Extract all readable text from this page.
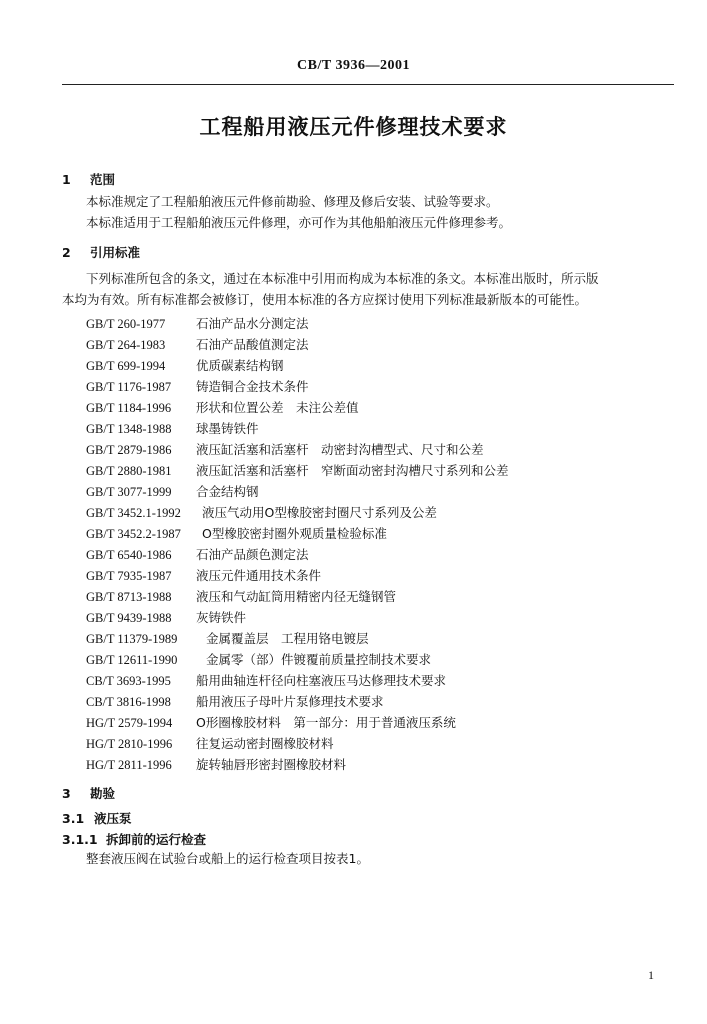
CB/T 3936—2001
工程船用液压元件修理技术要求
1 范围
本标准规定了工程船舶液压元件修前勘验、修理及修后安装、试验等要求。
本标准适用于工程船舶液压元件修理，亦可作为其他船舶液压元件修理参考。
2 引用标准
下列标准所包含的条文，通过在本标准中引用而构成为本标准的条文。本标准出版时，所示版
本均为有效。所有标准都会被修订，使用本标准的各方应探讨使用下列标准最新版本的可能性。
GB/T 260-1977 石油产品水分测定法
GB/T 264-1983 石油产品酸值测定法
GB/T 699-1994 优质碳素结构钢
GB/T 1176-1987 铸造铜合金技术条件
GB/T 1184-1996 形状和位置公差　未注公差值
GB/T 1348-1988 球墨铸铁件
GB/T 2879-1986 液压缸活塞和活塞杆　动密封沟槽型式、尺寸和公差
GB/T 2880-1981 液压缸活塞和活塞杆　窄断面动密封沟槽尺寸系列和公差
GB/T 3077-1999 合金结构钢
GB/T 3452.1-1992 液压气动用O型橡胶密封圈尺寸系列及公差
GB/T 3452.2-1987 O型橡胶密封圈外观质量检验标准
GB/T 6540-1986 石油产品颜色测定法
GB/T 7935-1987 液压元件通用技术条件
GB/T 8713-1988 液压和气动缸筒用精密内径无缝钢管
GB/T 9439-1988 灰铸铁件
GB/T 11379-1989 金属覆盖层　工程用铬电镀层
GB/T 12611-1990 金属零（部）件镀覆前质量控制技术要求
CB/T 3693-1995 船用曲轴连杆径向柱塞液压马达修理技术要求
CB/T 3816-1998 船用液压子母叶片泵修理技术要求
HG/T 2579-1994 O形圈橡胶材料　第一部分：用于普通液压系统
HG/T 2810-1996 往复运动密封圈橡胶材料
HG/T 2811-1996 旋转轴唇形密封圈橡胶材料
3 勘验
3.1 液压泵
3.1.1 拆卸前的运行检查
整套液压阀在试验台或船上的运行检查项目按表1。
1
